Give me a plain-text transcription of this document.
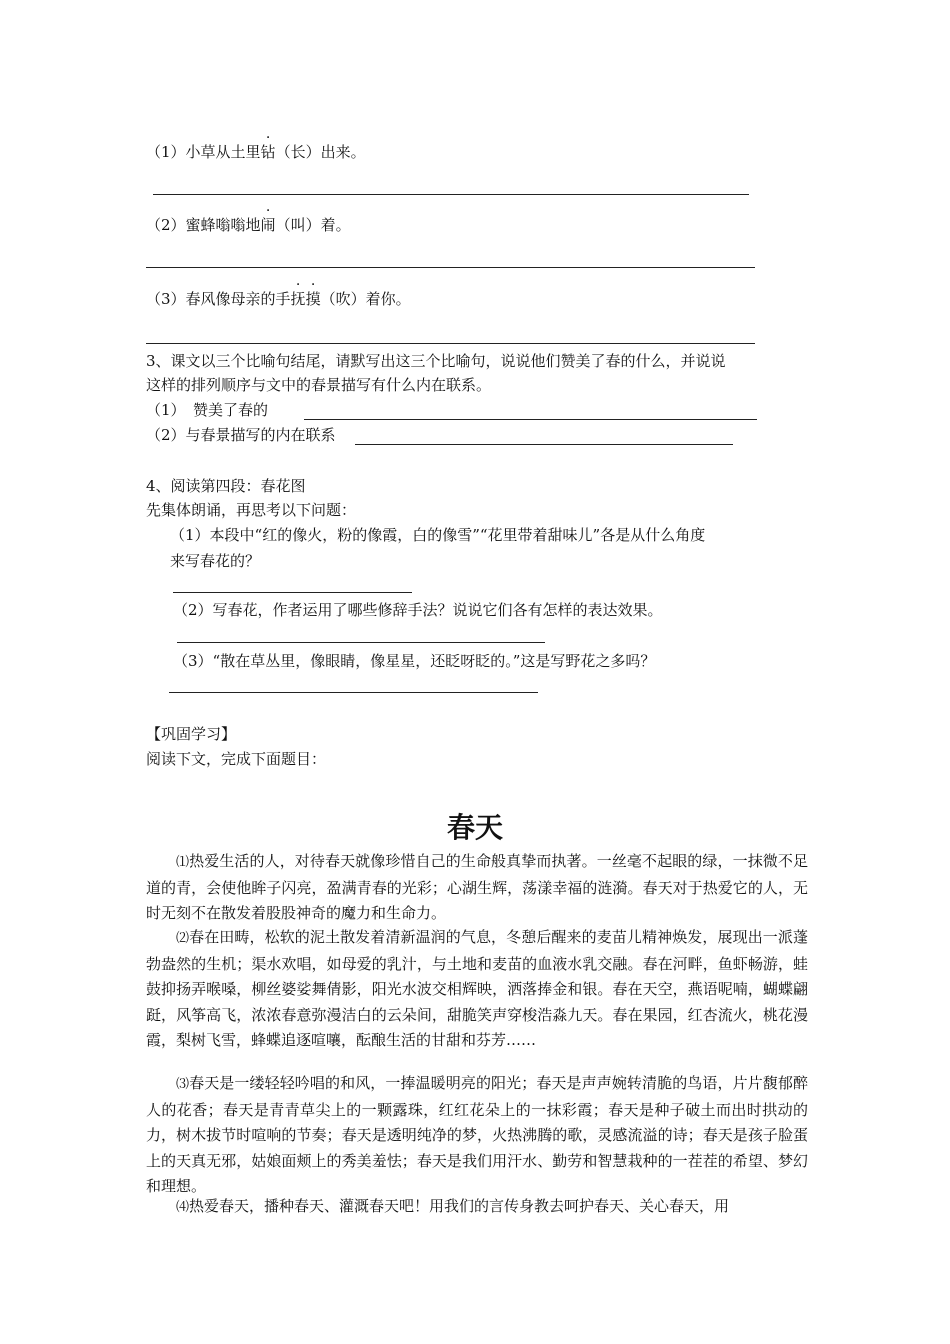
（1）小草从土里钻（长）出来。
（2）蜜蜂嗡嗡地闹（叫）着。
（3）春风像母亲的手抚摸（吹）着你。
3、课文以三个比喻句结尾，请默写出这三个比喻句，说说他们赞美了春的什么，并说说
这样的排列顺序与文中的春景描写有什么内在联系。
（1）　赞美了春的
（2）与春景描写的内在联系
4、阅读第四段：春花图
先集体朗诵，再思考以下问题：
（1）本段中“红的像火，粉的像霞，白的像雪”“花里带着甜味儿”各是从什么角度
来写春花的？
（2）写春花，作者运用了哪些修辞手法？说说它们各有怎样的表达效果。
（3）“散在草丛里，像眼睛，像星星，还眨呀眨的。”这是写野花之多吗？
【巩固学习】
阅读下文，完成下面题目：
春天
⑴热爱生活的人，对待春天就像珍惜自己的生命般真挚而执著。一丝毫不起眼的绿，一抹微不足道的青，会使他眸子闪亮，盈满青春的光彩；心湖生辉，荡漾幸福的涟漪。春天对于热爱它的人，无时无刻不在散发着股股神奇的魔力和生命力。
⑵春在田畴，松软的泥土散发着清新温润的气息，冬憩后醒来的麦苗儿精神焕发，展现出一派蓬勃盎然的生机；渠水欢唱，如母爱的乳汁，与土地和麦苗的血液水乳交融。春在河畔，鱼虾畅游，蛙鼓抑扬弄喉嗓，柳丝婆娑舞倩影，阳光水波交相辉映，洒落捧金和银。春在天空，燕语呢喃，蝴蝶翩跹，风筝高飞，浓浓春意弥漫洁白的云朵间，甜脆笑声穿梭浩淼九天。春在果园，红杏流火，桃花漫霞，梨树飞雪，蜂蝶追逐喧嚷，酝酿生活的甘甜和芬芳……
⑶春天是一缕轻轻吟唱的和风，一捧温暖明亮的阳光；春天是声声婉转清脆的鸟语，片片馥郁醉人的花香；春天是青青草尖上的一颗露珠，红红花朵上的一抹彩霞；春天是种子破土而出时拱动的力，树木拔节时喧响的节奏；春天是透明纯净的梦，火热沸腾的歌，灵感流溢的诗；春天是孩子脸蛋上的天真无邪，姑娘面颊上的秀美羞怯；春天是我们用汗水、勤劳和智慧栽种的一茬茬的希望、梦幻和理想。
⑷热爱春天，播种春天、灌溉春天吧！用我们的言传身教去呵护春天、关心春天，用
